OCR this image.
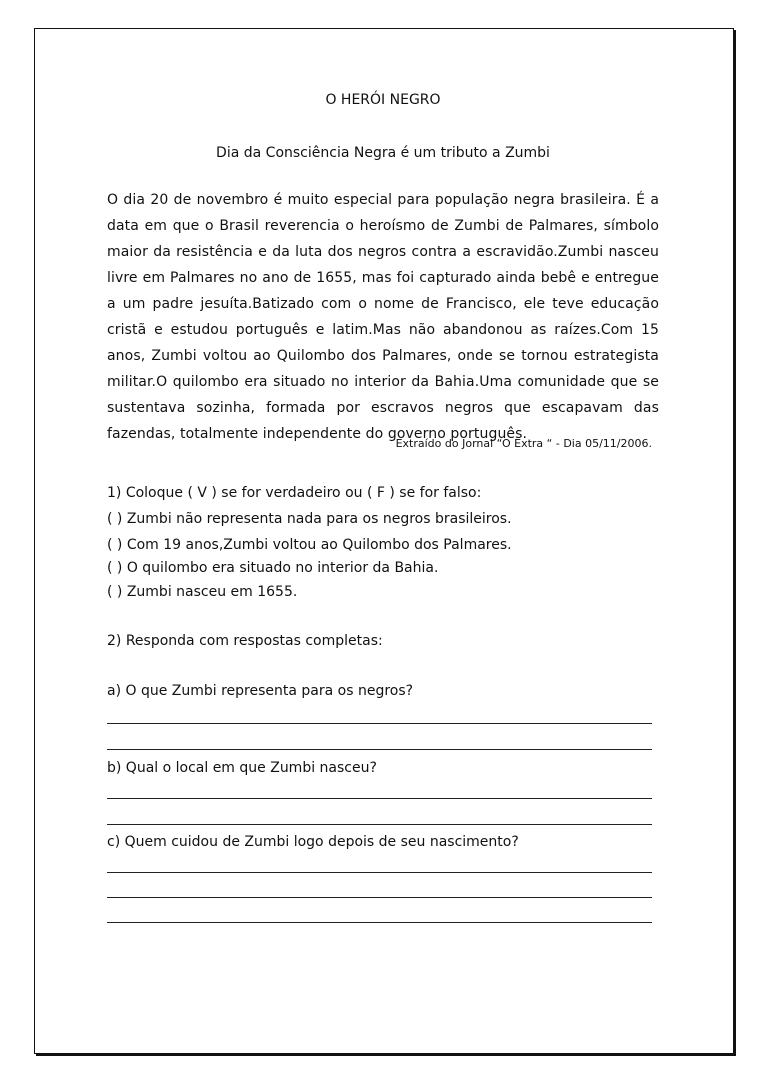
O HERÓI NEGRO
Dia da Consciência Negra é um tributo a Zumbi

O dia 20 de novembro é muito especial para população negra brasileira. É a data em que o Brasil reverencia o heroísmo de Zumbi de Palmares, símbolo maior da resistência e da luta dos negros contra a escravidão.Zumbi nasceu livre em Palmares no ano de 1655, mas foi capturado ainda bebê e entregue a um padre jesuíta.Batizado com o nome de Francisco, ele teve educação cristã e estudou português e latim.Mas não abandonou as raízes.Com 15 anos, Zumbi voltou ao Quilombo dos Palmares, onde se tornou estrategista militar.O quilombo era situado no interior da Bahia.Uma comunidade que se sustentava sozinha, formada por escravos negros que escapavam das fazendas, totalmente independente do governo português.

Extraído do Jornal “O Extra “ - Dia 05/11/2006.
1) Coloque ( V ) se for verdadeiro ou ( F ) se for falso:
( ) Zumbi não representa nada para os negros brasileiros.
( ) Com 19 anos,Zumbi voltou ao Quilombo dos Palmares.
( ) O quilombo era situado no interior da Bahia.
( ) Zumbi nasceu em 1655.
2) Responda com respostas completas:
a) O que Zumbi representa para os negros?
b) Qual o local em que Zumbi nasceu?
c) Quem cuidou de Zumbi logo depois de seu nascimento?
